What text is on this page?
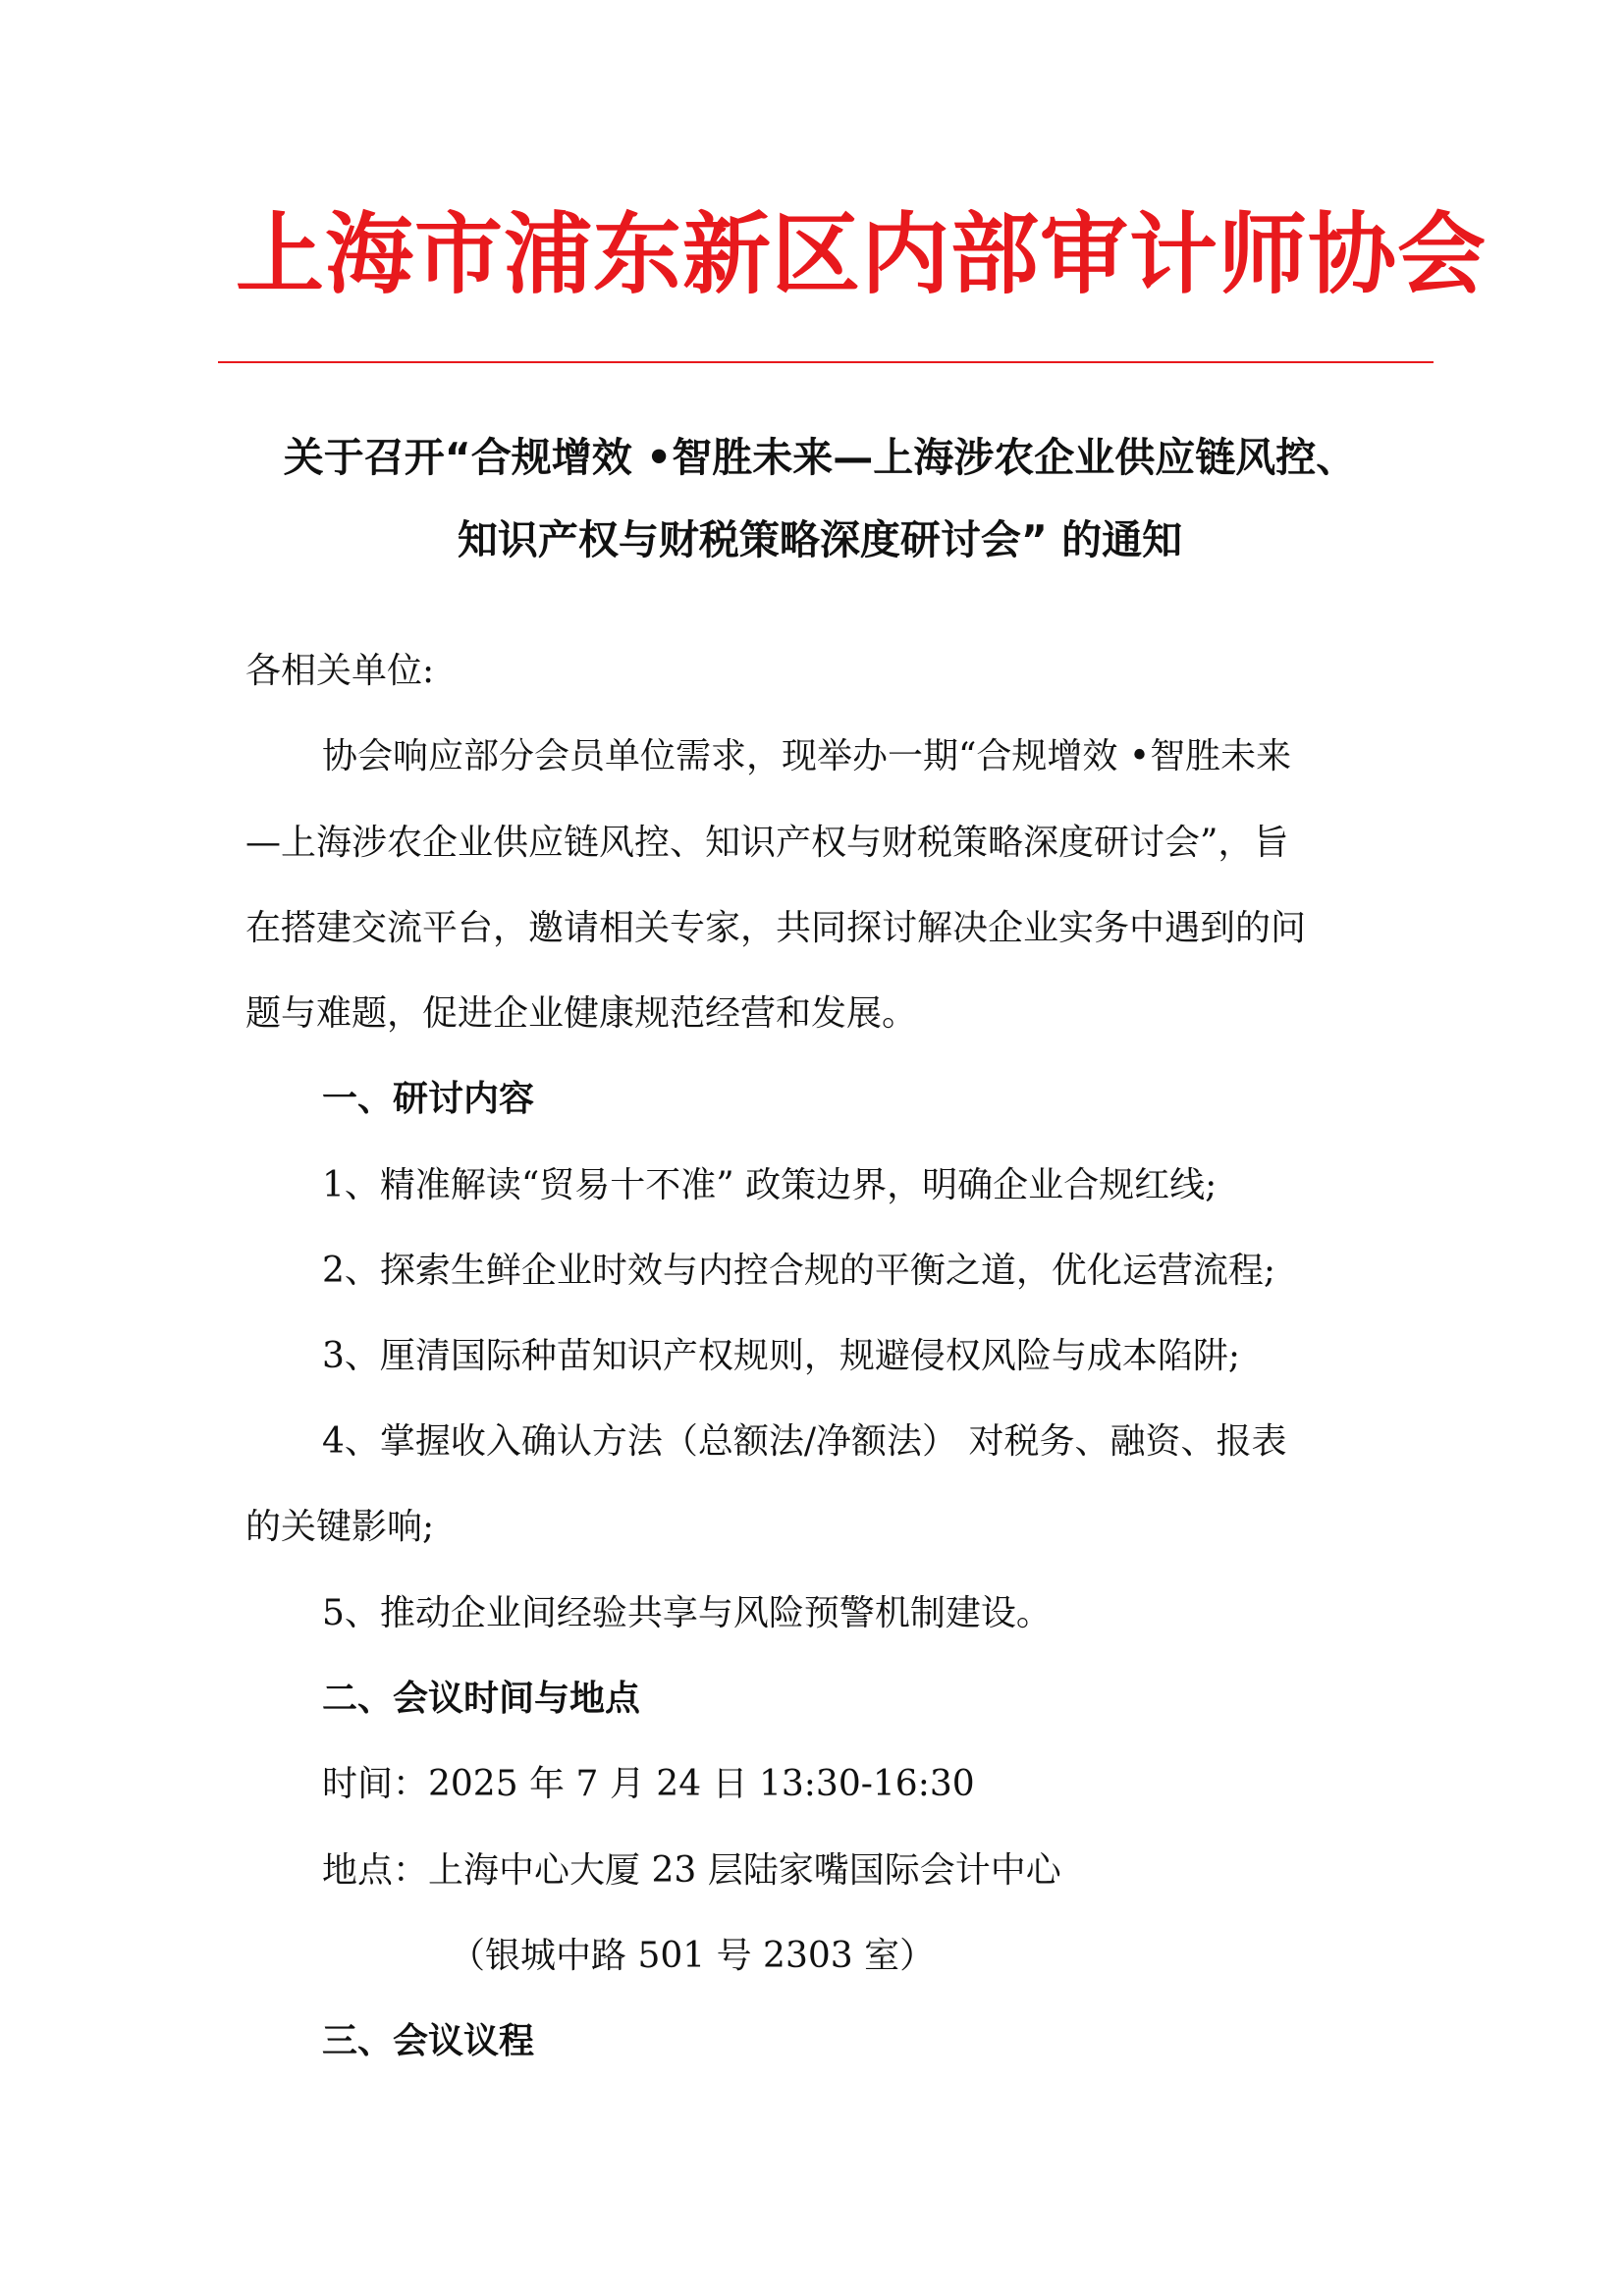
上海市浦东新区内部审计师协会
关于召开“合规增效 •智胜未来—上海涉农企业供应链风控、
知识产权与财税策略深度研讨会” 的通知
各相关单位:
协会响应部分会员单位需求，现举办一期“合规增效 •智胜未来
—上海涉农企业供应链风控、知识产权与财税策略深度研讨会”，旨
在搭建交流平台，邀请相关专家，共同探讨解决企业实务中遇到的问
题与难题，促进企业健康规范经营和发展。
一、研讨内容
1、精准解读“贸易十不准” 政策边界，明确企业合规红线;
2、探索生鲜企业时效与内控合规的平衡之道，优化运营流程;
3、厘清国际种苗知识产权规则，规避侵权风险与成本陷阱;
4、掌握收入确认方法（总额法/净额法） 对税务、融资、报表
的关键影响;
5、推动企业间经验共享与风险预警机制建设。
二、会议时间与地点
时间：2025 年 7 月 24 日 13:30-16:30
地点：上海中心大厦 23 层陆家嘴国际会计中心
（银城中路 501 号 2303 室）
三、会议议程
